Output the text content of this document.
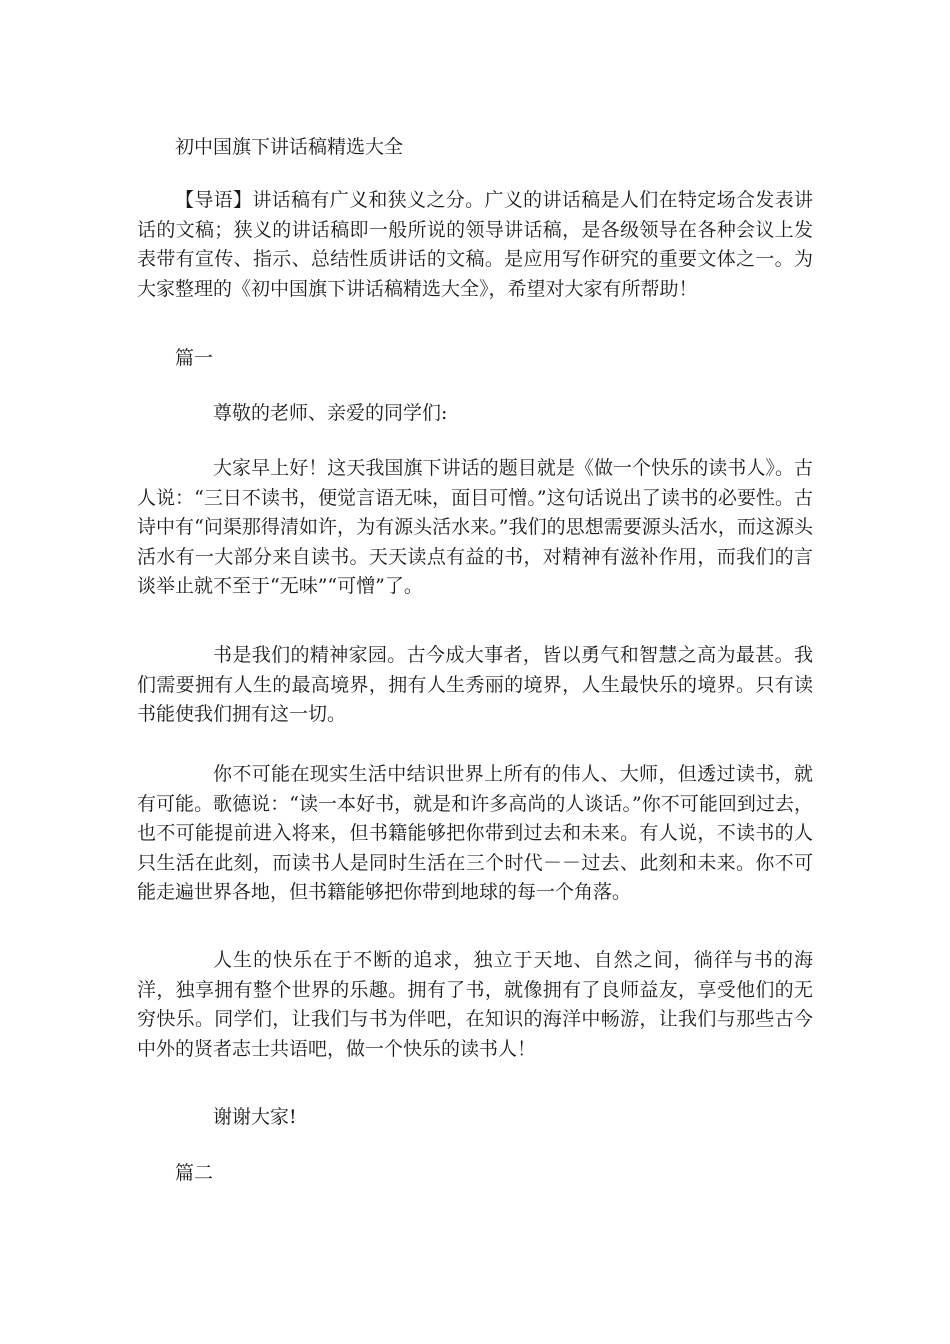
初中国旗下讲话稿精选大全

【导语】讲话稿有广义和狭义之分。广义的讲话稿是人们在特定场合发表讲话的文稿；狭义的讲话稿即一般所说的领导讲话稿，是各级领导在各种会议上发表带有宣传、指示、总结性质讲话的文稿。是应用写作研究的重要文体之一。为大家整理的《初中国旗下讲话稿精选大全》，希望对大家有所帮助！

篇一

尊敬的老师、亲爱的同学们:

大家早上好！这天我国旗下讲话的题目就是《做一个快乐的读书人》。古人说：“三日不读书，便觉言语无味，面目可憎。”这句话说出了读书的必要性。古诗中有“问渠那得清如许，为有源头活水来。”我们的思想需要源头活水，而这源头活水有一大部分来自读书。天天读点有益的书，对精神有滋补作用，而我们的言谈举止就不至于“无味”“可憎”了。

书是我们的精神家园。古今成大事者，皆以勇气和智慧之高为最甚。我们需要拥有人生的最高境界，拥有人生秀丽的境界，人生最快乐的境界。只有读书能使我们拥有这一切。

你不可能在现实生活中结识世界上所有的伟人、大师，但透过读书，就有可能。歌德说：“读一本好书，就是和许多高尚的人谈话。”你不可能回到过去，也不可能提前进入将来，但书籍能够把你带到过去和未来。有人说，不读书的人只生活在此刻，而读书人是同时生活在三个时代－－过去、此刻和未来。你不可能走遍世界各地，但书籍能够把你带到地球的每一个角落。

人生的快乐在于不断的追求，独立于天地、自然之间，徜徉与书的海洋，独享拥有整个世界的乐趣。拥有了书，就像拥有了良师益友，享受他们的无穷快乐。同学们，让我们与书为伴吧，在知识的海洋中畅游，让我们与那些古今中外的贤者志士共语吧，做一个快乐的读书人！

谢谢大家!

篇二
